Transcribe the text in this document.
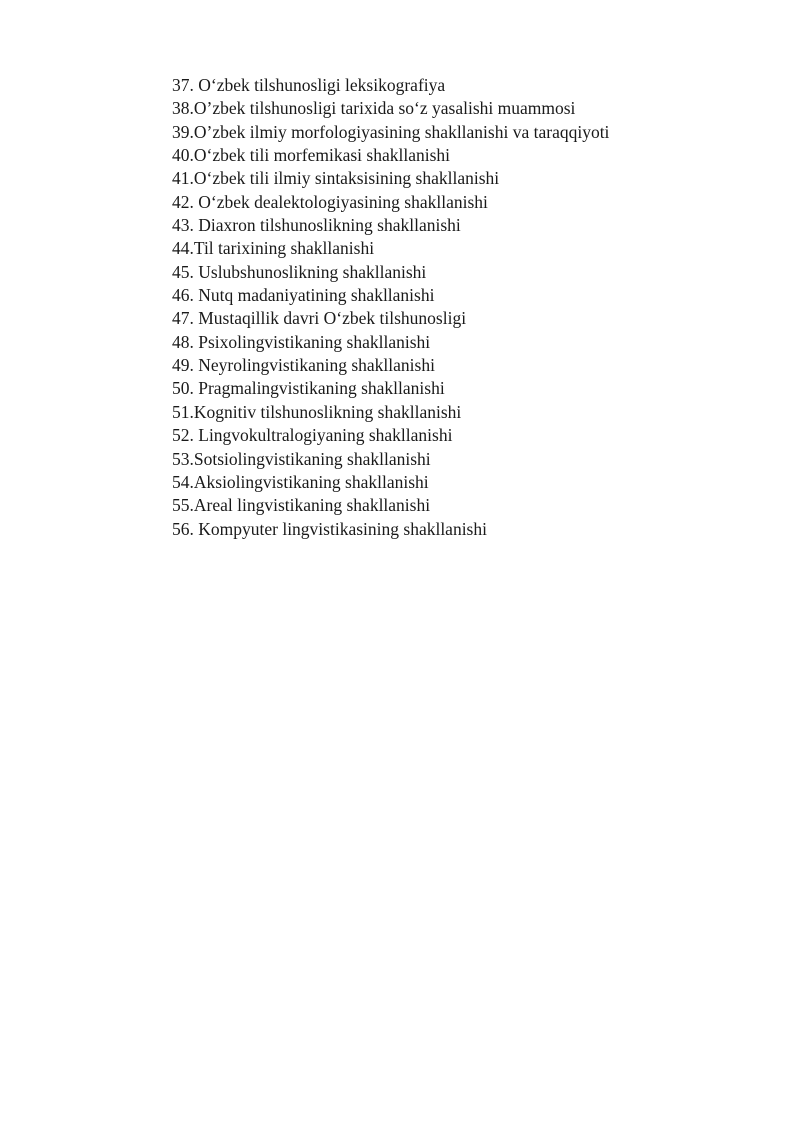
37. O‘zbek tilshunosligi leksikografiya
38.O’zbek tilshunosligi tarixida so‘z yasalishi muammosi
39.O’zbek ilmiy morfologiyasining shakllanishi va taraqqiyoti
40.O‘zbek tili morfemikasi shakllanishi
41.O‘zbek tili ilmiy sintaksisining shakllanishi
42. O‘zbek dealektologiyasining shakllanishi
43. Diaxron tilshunoslikning shakllanishi
44.Til tarixining shakllanishi
45. Uslubshunoslikning shakllanishi
46. Nutq madaniyatining shakllanishi
47. Mustaqillik davri O‘zbek tilshunosligi
48. Psixolingvistikaning shakllanishi
49. Neyrolingvistikaning shakllanishi
50. Pragmalingvistikaning shakllanishi
51.Kognitiv tilshunoslikning shakllanishi
52. Lingvokultralogiyaning shakllanishi
53.Sotsiolingvistikaning shakllanishi
54.Aksiolingvistikaning shakllanishi
55.Areal lingvistikaning shakllanishi
56. Kompyuter lingvistikasining shakllanishi
